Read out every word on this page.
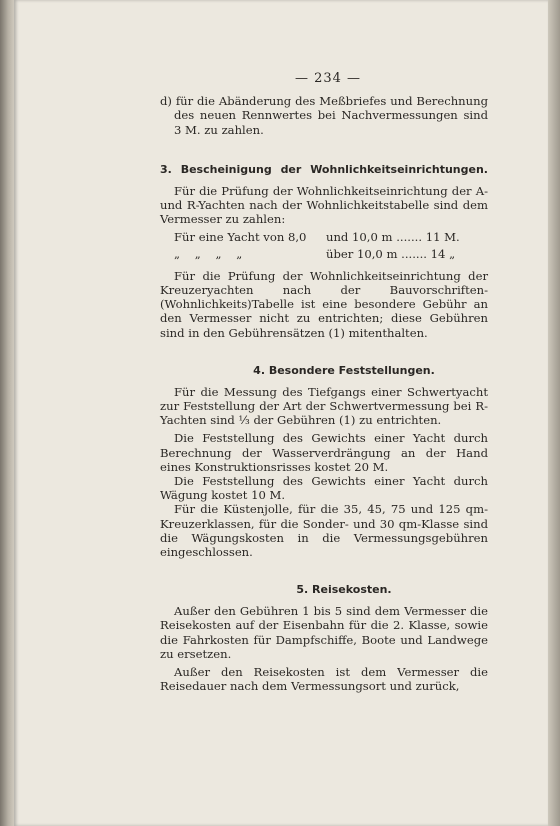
— 234 —

d) für die Abänderung des Meßbriefes und Berechnung des neuen Rennwertes bei Nachvermessungen sind 3 M. zu zahlen.

3. Bescheinigung der Wohnlichkeitseinrichtungen.

Für die Prüfung der Wohnlichkeitseinrichtung der A- und R-Yachten nach der Wohnlichkeitstabelle sind dem Vermesser zu zahlen:

Für eine Yacht von 8,0	und 10,0 m ....... 11 M.
„    „    „    „	über 10,0 m ....... 14 „

Für die Prüfung der Wohnlichkeitseinrichtung der Kreuzeryachten nach der Bauvorschriften-(Wohnlichkeits)Tabelle ist eine besondere Gebühr an den Vermesser nicht zu entrichten; diese Gebühren sind in den Gebührensätzen (1) mitenthalten.

4. Besondere Feststellungen.

Für die Messung des Tiefgangs einer Schwertyacht zur Feststellung der Art der Schwertvermessung bei R-Yachten sind ⅓ der Gebühren (1) zu entrichten.

Die Feststellung des Gewichts einer Yacht durch Berechnung der Wasserverdrängung an der Hand eines Konstruktionsrisses kostet 20 M.

Die Feststellung des Gewichts einer Yacht durch Wägung kostet 10 M.

Für die Küstenjolle, für die 35, 45, 75 und 125 qm-Kreuzerklassen, für die Sonder- und 30 qm-Klasse sind die Wägungskosten in die Vermessungsgebühren eingeschlossen.

5. Reisekosten.

Außer den Gebühren 1 bis 5 sind dem Vermesser die Reisekosten auf der Eisenbahn für die 2. Klasse, sowie die Fahrkosten für Dampfschiffe, Boote und Landwege zu ersetzen.

Außer den Reisekosten ist dem Vermesser die Reisedauer nach dem Vermessungsort und zurück,
